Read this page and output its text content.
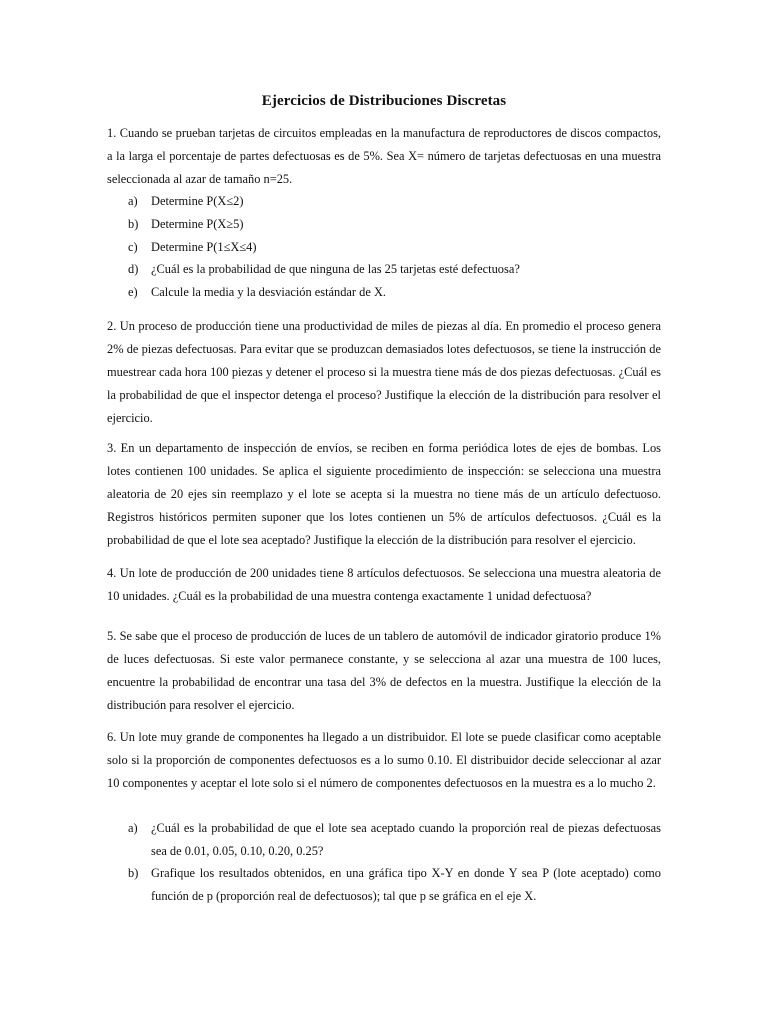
Ejercicios de Distribuciones Discretas

1. Cuando se prueban tarjetas de circuitos empleadas en la manufactura de reproductores de discos compactos, a la larga el porcentaje de partes defectuosas es de 5%. Sea X= número de tarjetas defectuosas en una muestra seleccionada al azar de tamaño n=25.

a) Determine P(X≤2)
b) Determine P(X≥5)
c) Determine P(1≤X≤4)
d) ¿Cuál es la probabilidad de que ninguna de las 25 tarjetas esté defectuosa?
e) Calcule la media y la desviación estándar de X.

2. Un proceso de producción tiene una productividad de miles de piezas al día. En promedio el proceso genera 2% de piezas defectuosas. Para evitar que se produzcan demasiados lotes defectuosos, se tiene la instrucción de muestrear cada hora 100 piezas y detener el proceso si la muestra tiene más de dos piezas defectuosas. ¿Cuál es la probabilidad de que el inspector detenga el proceso? Justifique la elección de la distribución para resolver el ejercicio.

3. En un departamento de inspección de envíos, se reciben en forma periódica lotes de ejes de bombas. Los lotes contienen 100 unidades. Se aplica el siguiente procedimiento de inspección: se selecciona una muestra aleatoria de 20 ejes sin reemplazo y el lote se acepta si la muestra no tiene más de un artículo defectuoso. Registros históricos permiten suponer que los lotes contienen un 5% de artículos defectuosos. ¿Cuál es la probabilidad de que el lote sea aceptado? Justifique la elección de la distribución para resolver el ejercicio.

4. Un lote de producción de 200 unidades tiene 8 artículos defectuosos. Se selecciona una muestra aleatoria de 10 unidades. ¿Cuál es la probabilidad de una muestra contenga exactamente 1 unidad defectuosa?

5. Se sabe que el proceso de producción de luces de un tablero de automóvil de indicador giratorio produce 1% de luces defectuosas. Si este valor permanece constante, y se selecciona al azar una muestra de 100 luces, encuentre la probabilidad de encontrar una tasa del 3% de defectos en la muestra. Justifique la elección de la distribución para resolver el ejercicio.

6. Un lote muy grande de componentes ha llegado a un distribuidor. El lote se puede clasificar como aceptable solo si la proporción de componentes defectuosos es a lo sumo 0.10. El distribuidor decide seleccionar al azar 10 componentes y aceptar el lote solo si el número de componentes defectuosos en la muestra es a lo mucho 2.

a) ¿Cuál es la probabilidad de que el lote sea aceptado cuando la proporción real de piezas defectuosas sea de 0.01, 0.05, 0.10, 0.20, 0.25?
b) Grafique los resultados obtenidos, en una gráfica tipo X-Y en donde Y sea P (lote aceptado) como función de p (proporción real de defectuosos); tal que p se gráfica en el eje X.
